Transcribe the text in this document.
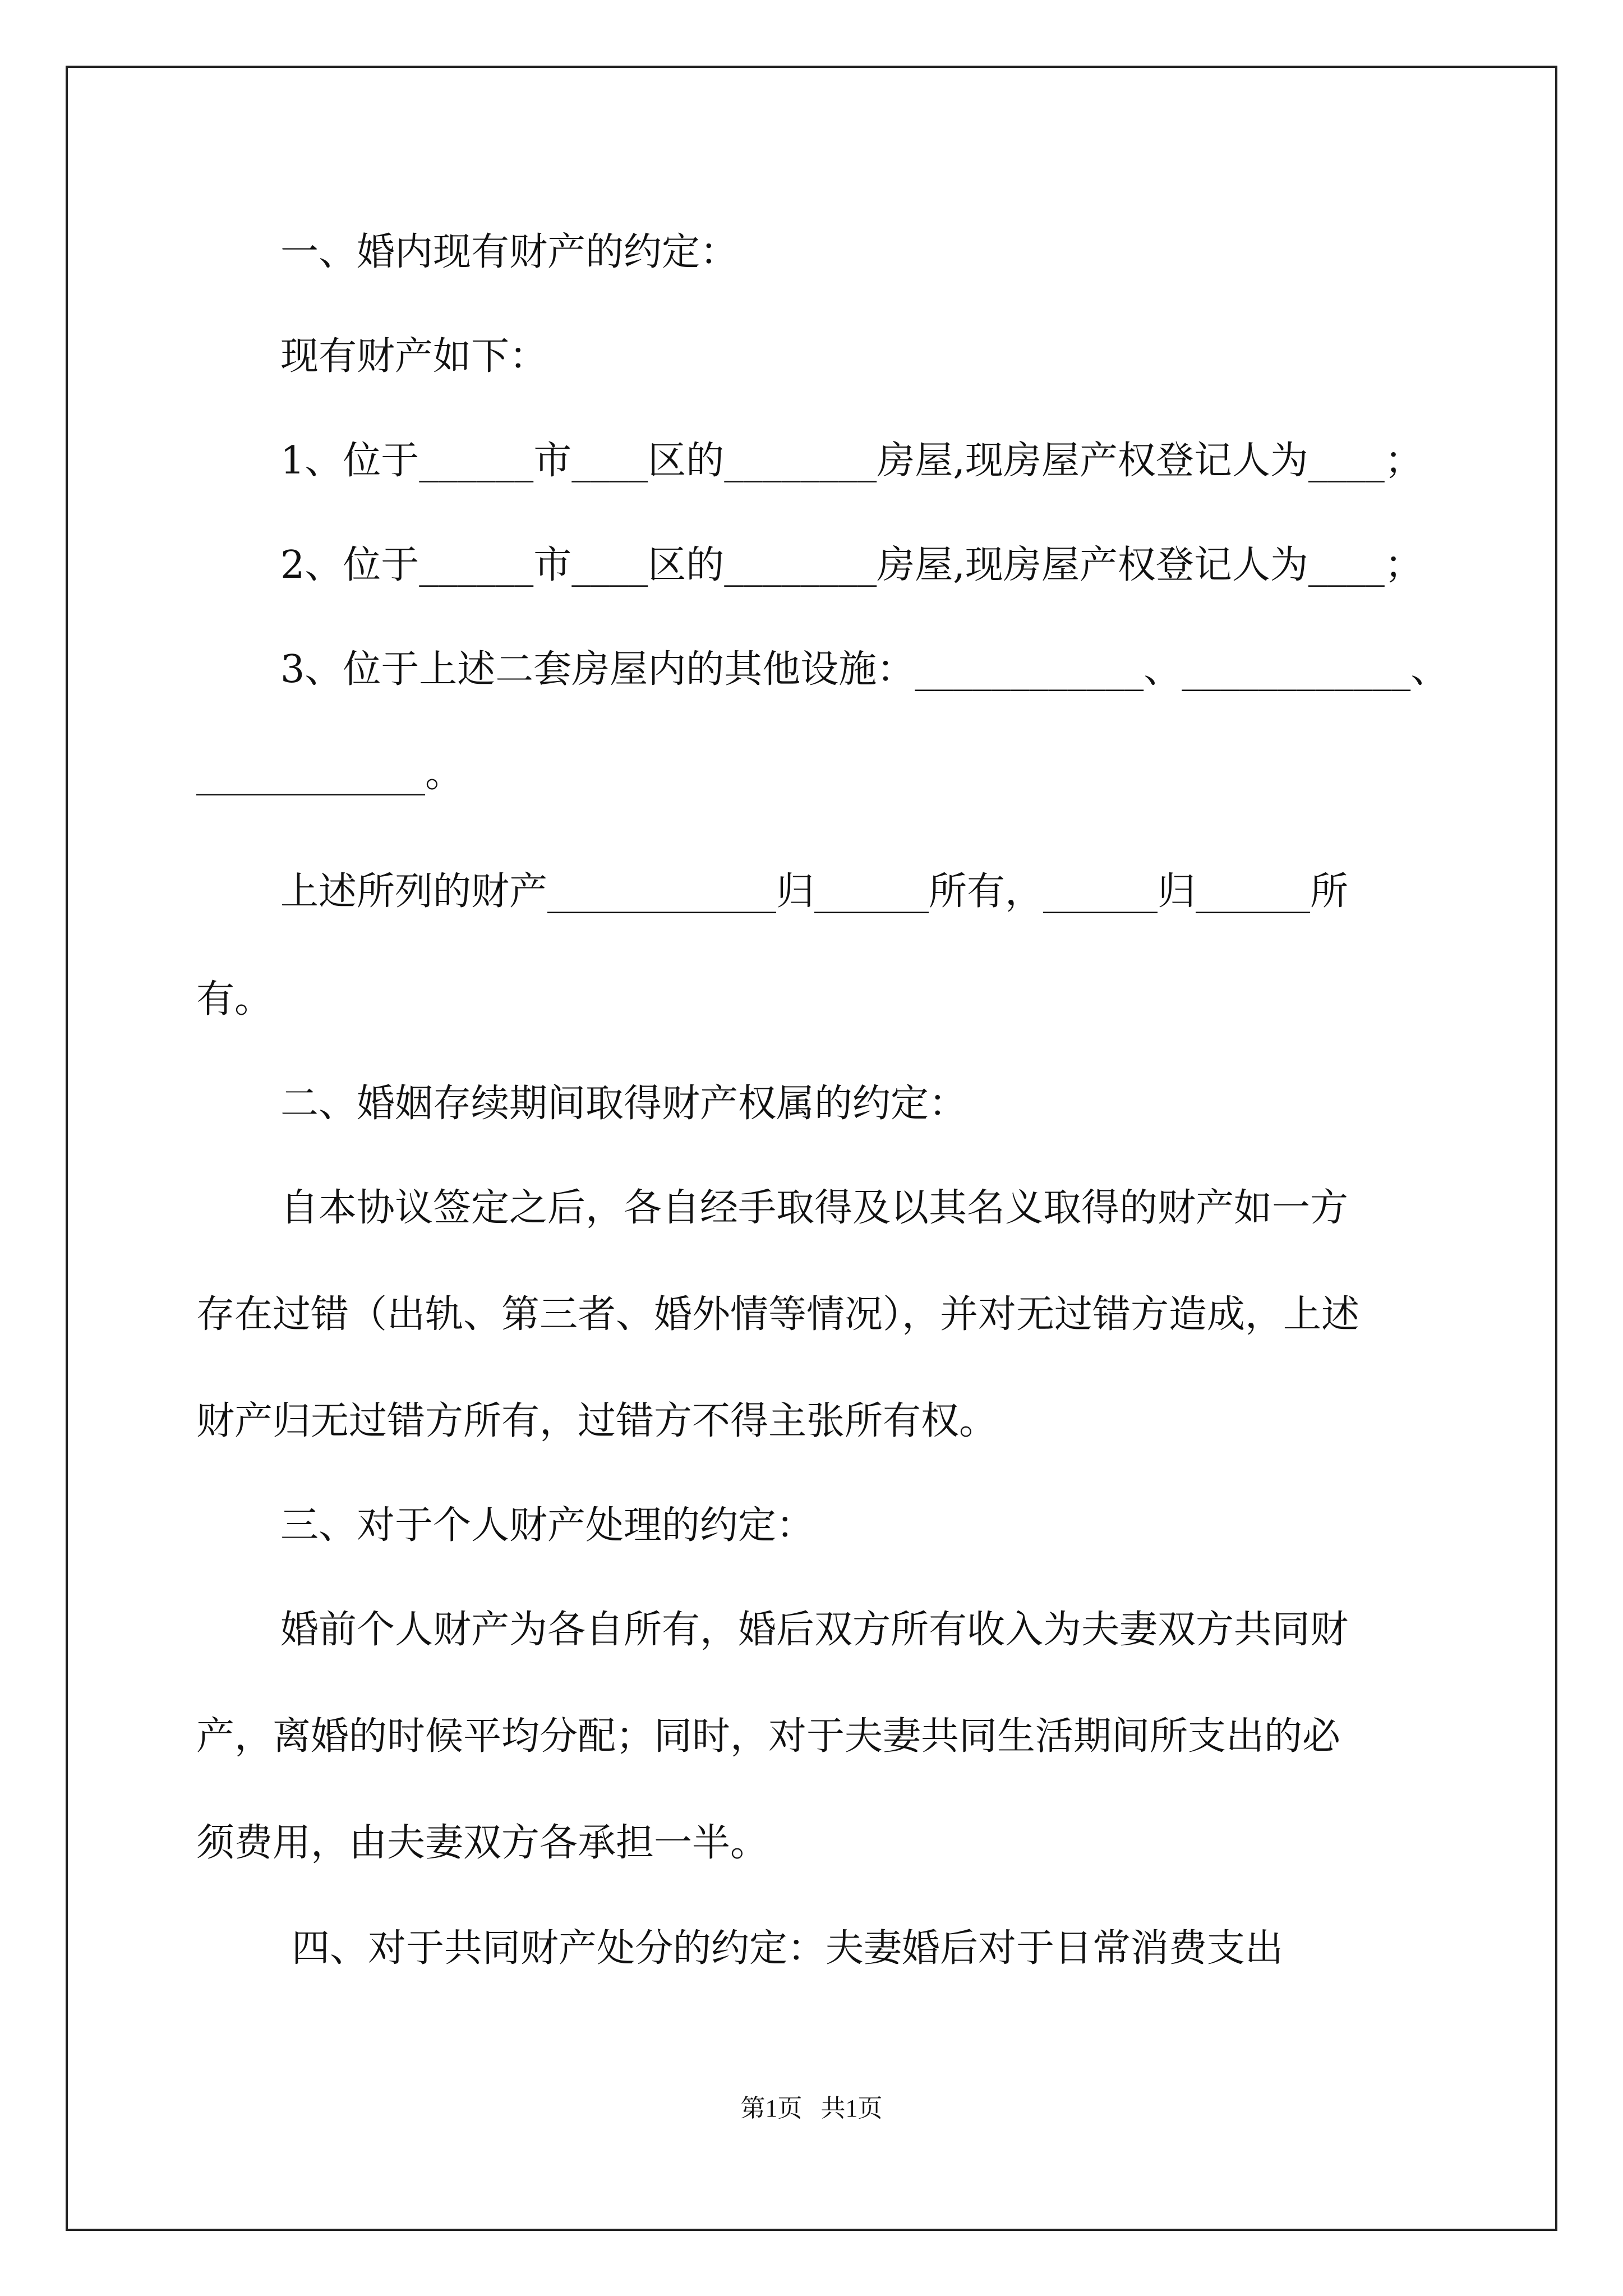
一、婚内现有财产的约定：
现有财产如下：
1、位于______市____区的________房屋,现房屋产权登记人为____；
2、位于______市____区的________房屋,现房屋产权登记人为____；
3、位于上述二套房屋内的其他设施：____________、____________、
____________。
上述所列的财产____________归______所有，______归______所
有。
二、婚姻存续期间取得财产权属的约定：
自本协议签定之后，各自经手取得及以其名义取得的财产如一方
存在过错（出轨、第三者、婚外情等情况），并对无过错方造成，上述
财产归无过错方所有，过错方不得主张所有权。
三、对于个人财产处理的约定：
婚前个人财产为各自所有，婚后双方所有收入为夫妻双方共同财
产，离婚的时候平均分配；同时，对于夫妻共同生活期间所支出的必
须费用，由夫妻双方各承担一半。
四、对于共同财产处分的约定：夫妻婚后对于日常消费支出
第1页   共1页
